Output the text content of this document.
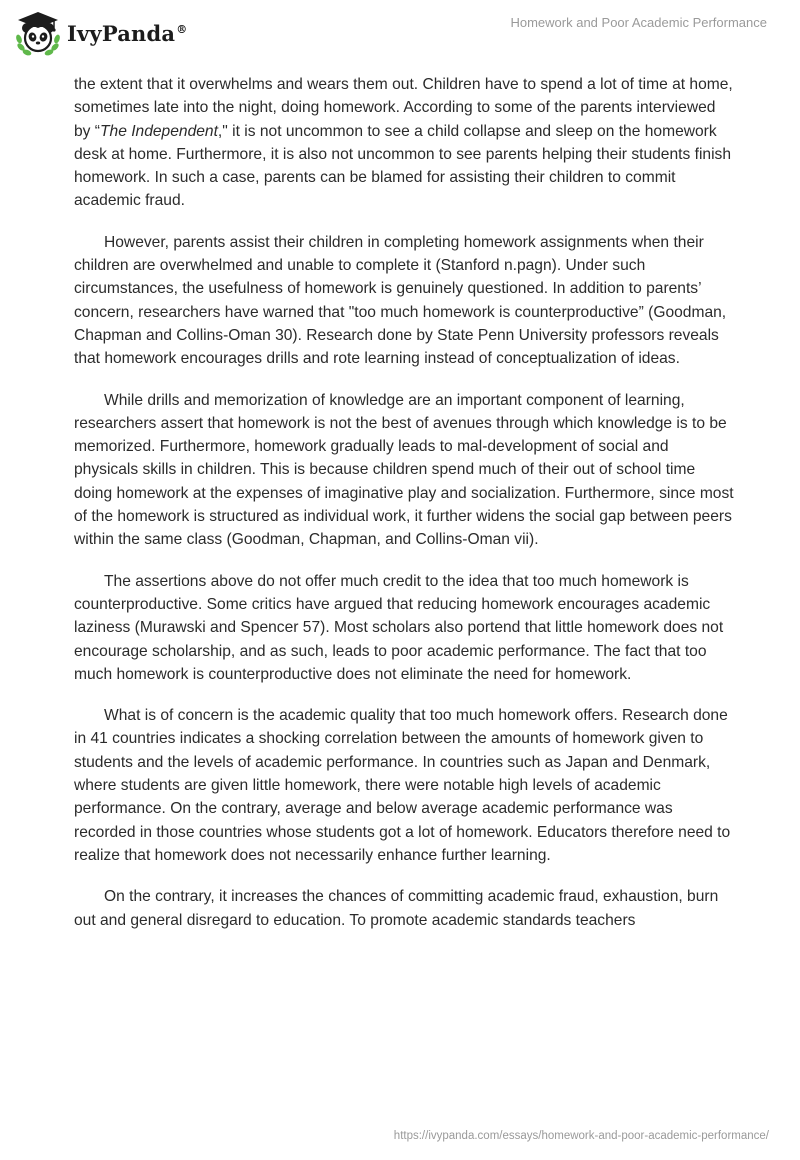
IvyPanda®	Homework and Poor Academic Performance

the extent that it overwhelms and wears them out. Children have to spend a lot of time at home, sometimes late into the night, doing homework. According to some of the parents interviewed by “The Independent," it is not uncommon to see a child collapse and sleep on the homework desk at home. Furthermore, it is also not uncommon to see parents helping their students finish homework. In such a case, parents can be blamed for assisting their children to commit academic fraud.

However, parents assist their children in completing homework assignments when their children are overwhelmed and unable to complete it (Stanford n.pagn). Under such circumstances, the usefulness of homework is genuinely questioned. In addition to parents’ concern, researchers have warned that "too much homework is counterproductive” (Goodman, Chapman and Collins-Oman 30). Research done by State Penn University professors reveals that homework encourages drills and rote learning instead of conceptualization of ideas.

While drills and memorization of knowledge are an important component of learning, researchers assert that homework is not the best of avenues through which knowledge is to be memorized. Furthermore, homework gradually leads to mal-development of social and physicals skills in children. This is because children spend much of their out of school time doing homework at the expenses of imaginative play and socialization. Furthermore, since most of the homework is structured as individual work, it further widens the social gap between peers within the same class (Goodman, Chapman, and Collins-Oman vii).

The assertions above do not offer much credit to the idea that too much homework is counterproductive. Some critics have argued that reducing homework encourages academic laziness (Murawski and Spencer 57). Most scholars also portend that little homework does not encourage scholarship, and as such, leads to poor academic performance. The fact that too much homework is counterproductive does not eliminate the need for homework.

What is of concern is the academic quality that too much homework offers. Research done in 41 countries indicates a shocking correlation between the amounts of homework given to students and the levels of academic performance. In countries such as Japan and Denmark, where students are given little homework, there were notable high levels of academic performance. On the contrary, average and below average academic performance was recorded in those countries whose students got a lot of homework. Educators therefore need to realize that homework does not necessarily enhance further learning.

On the contrary, it increases the chances of committing academic fraud, exhaustion, burn out and general disregard to education. To promote academic standards teachers

https://ivypanda.com/essays/homework-and-poor-academic-performance/
